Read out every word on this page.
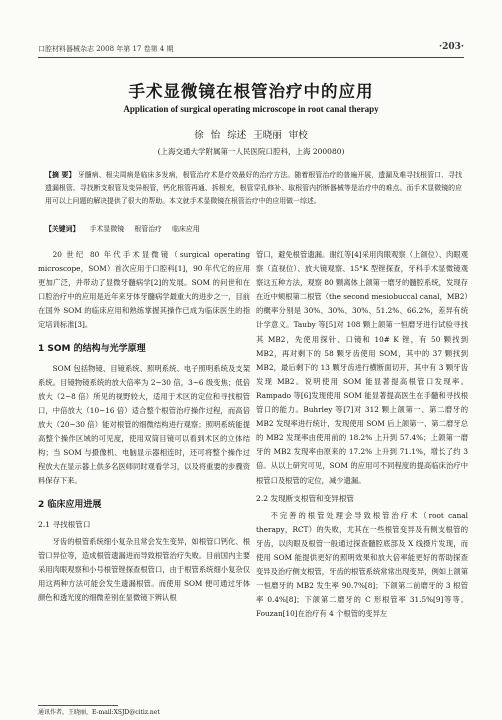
口腔材料器械杂志 2008 年第 17 卷第 4 期	·203·
手术显微镜在根管治疗中的应用
Application of surgical operating microscope in root canal therapy
徐 怡 综述 王晓丽 审校
(上海交通大学附属第一人民医院口腔科，上海 200080)
【摘 要】 牙髓病、根尖周病是临床多发病，根管治疗术是疗效最好的治疗方法。随着根管治疗的普遍开展，遗漏及难寻找根管口、寻找遗漏根管、寻找断支根管及变异根管，钙化根管再通、拆根充，根管穿孔修补、取根管内折断器械等是治疗中的难点。而手术显微镜的应用可以上问题的解决提供了很大的帮助。本文就手术显微镜在根管治疗中的应用做一综述。
【关键词】 手术显微镜 根管治疗 临床应用

20 世纪 80 年代手术显微镜（surgical operating microscope，SOM）首次应用于口腔科[1]，90 年代它的应用更加广泛，并带动了显微牙髓病学[2]的发展。SOM 的问世和在口腔治疗中的应用是近年来牙体牙髓病学最重大的进步之一，目前在国外 SOM 的临床应用和熟练掌握其操作已成为临床医生的指定培训标准[3]。

1 SOM 的结构与光学原理

SOM 包括物镜、目镜系统、照明系统、电子照明系统及支架系统。目镜物镜系统的放大倍率为 2~30 倍，3~6 级变焦；低倍放大（2~8 倍）所见的视野较大，适用于术区的定位和寻找根管口，中倍放大（10~16 倍）适合整个根管治疗操作过程，而高倍放大（20~30 倍）能对根管的细微结构进行观察；照明系统能提高整个操作区域的可见度，使用双筒目镜可以看到术区的立体结构；当 SOM 与摄像机、电脑显示器相连时，还可将整个操作过程放大在显示器上供多名医师同时观看学习，以及将重要的步骤资料保存下来。

2 临床应用进展
2.1 寻找根管口

牙齿的根管系统细小复杂且常会发生变异，如根管口钙化、根管口异位等，造成根管遗漏进而导致根管治疗失败。目前国内主要采用肉眼观察和小号根管锉探查根管口，由于根管系统细小复杂仅用这两种方法可能会发生遗漏根管。而使用 SOM 便可通过牙体颜色和透光度的细微差别在显微镜下辨认根

管口，避免根管遗漏。谢红等[4]采用肉眼观察（上颌位）、肉眼观察（直视位）、放大镜观察、15°K 型锉探查，牙科手术显微镜观察这五种方法，观察 80 颗离体上颌第一磨牙的髓腔系统，发现存在近中颊根第二根管（the second mesiobuccal canal，MB2）的概率分别是 30%、30%、30%、51.2%、66.2%，差异有统计学意义。Tauby 等[5]对 108 颗上颌第一恒磨牙进行试验寻找其 MB2，先使用探针、口镜和 10# K 锉，有 50 颗找到 MB2，再对剩下的 58 颗牙齿使用 SOM，其中的 37 颗找到 MB2，最后剩下的 13 颗牙齿进行横断面切开，其中有 3 颗牙齿发现 MB2。说明使用 SOM 能显著提高根管口发现率。Rampado 等[6]发现使用 SOM 能显著提高医生在手髓和寻找根管口的能力。Buhrley 等[7]对 312 颗上颌第一、第二磨牙的 MB2 发现率进行统计，发现使用 SOM 后上颌第一、第二磨牙总的 MB2 发现率由使用前的 18.2% 上升到 57.4%；上颌第一磨牙的 MB2 发现率由原来的 17.2% 上升到 71.1%，增长了约 3 倍。从以上研究可见，SOM 的应用可不同程度的提高临床治疗中根管口及根管的定位，减少遗漏。

2.2 发现断支根管和变异根管

不完善的根管处理会导致根管治疗术（root canal therapy，RCT）的失败，尤其在一些根管变异及有侧支根管的牙齿，以肉眼及根管一般通过探查髓腔底部及 X 线摄片发现，而使用 SOM 能提供更好的照明效果和放大倍率能更好的帮助探查变异及治疗侧支根管，牙齿的根管系统常常出现变异，例如上颌第一恒磨牙的 MB2 发生率 90.7%[8]；下颌第二前磨牙的 3 根管率 0.4%[8]；下颌第二磨牙的 C 形根管率 31.5%[9]等等。Fouzan[10]在治疗有 4 个根管的变异左

通讯作者，王晓丽，E-mail:XSJD@citiz.net
